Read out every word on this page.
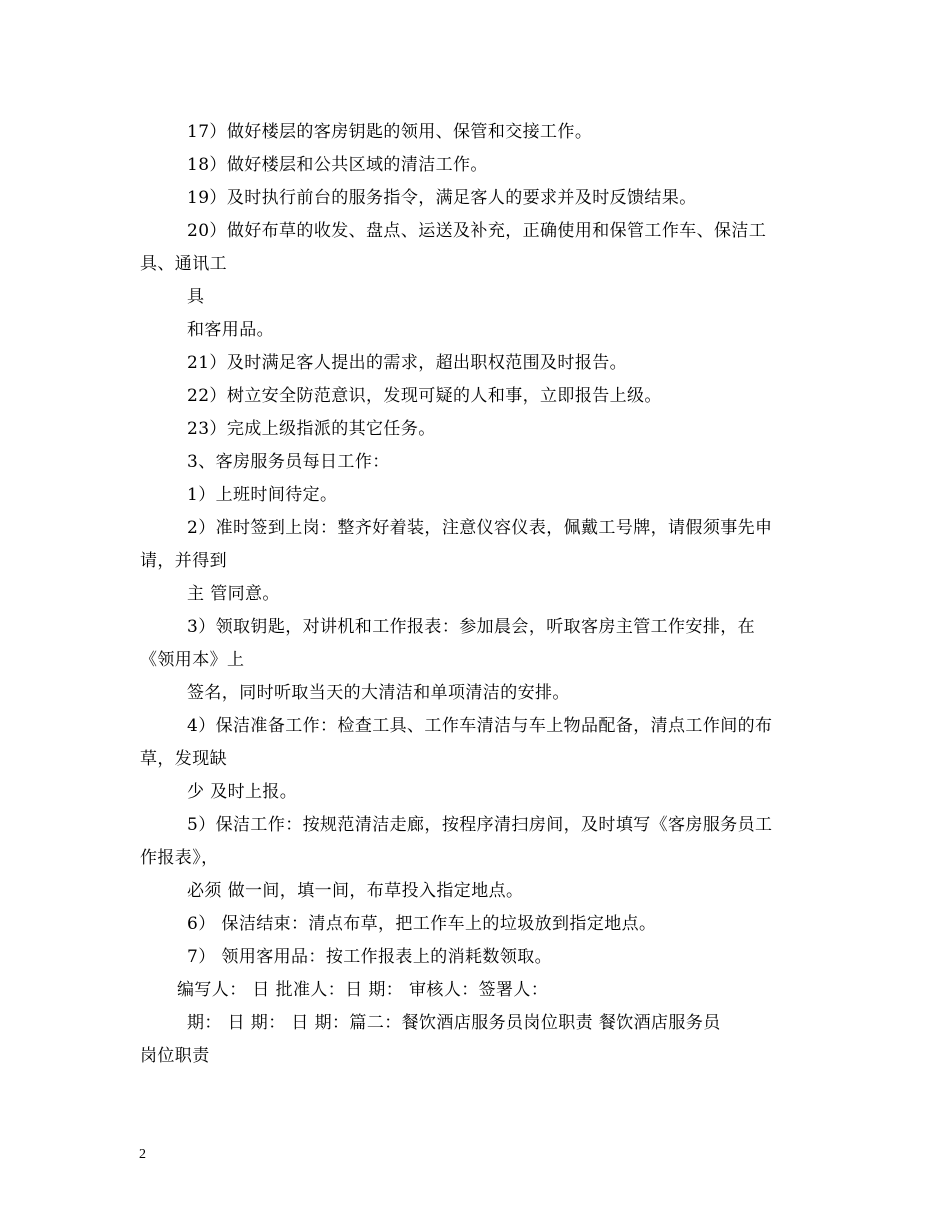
17）做好楼层的客房钥匙的领用、保管和交接工作。
18）做好楼层和公共区域的清洁工作。
19）及时执行前台的服务指令，满足客人的要求并及时反馈结果。
20）做好布草的收发、盘点、运送及补充，正确使用和保管工作车、保洁工
具、通讯工
具
和客用品。
21）及时满足客人提出的需求，超出职权范围及时报告。
22）树立安全防范意识，发现可疑的人和事，立即报告上级。
23）完成上级指派的其它任务。
3、客房服务员每日工作：
1）上班时间待定。
2）准时签到上岗：整齐好着装，注意仪容仪表，佩戴工号牌，请假须事先申
请，并得到
主 管同意。
3）领取钥匙，对讲机和工作报表：参加晨会，听取客房主管工作安排，在
《领用本》上
签名，同时听取当天的大清洁和单项清洁的安排。
4）保洁准备工作：检查工具、工作车清洁与车上物品配备，清点工作间的布
草，发现缺
少 及时上报。
5）保洁工作：按规范清洁走廊，按程序清扫房间，及时填写《客房服务员工
作报表》，
必须 做一间，填一间，布草投入指定地点。
6） 保洁结束：清点布草，把工作车上的垃圾放到指定地点。
7） 领用客用品：按工作报表上的消耗数领取。
编写人： 日 批准人：日 期： 审核人：签署人：
期： 日 期： 日 期：篇二：餐饮酒店服务员岗位职责 餐饮酒店服务员
岗位职责
2
